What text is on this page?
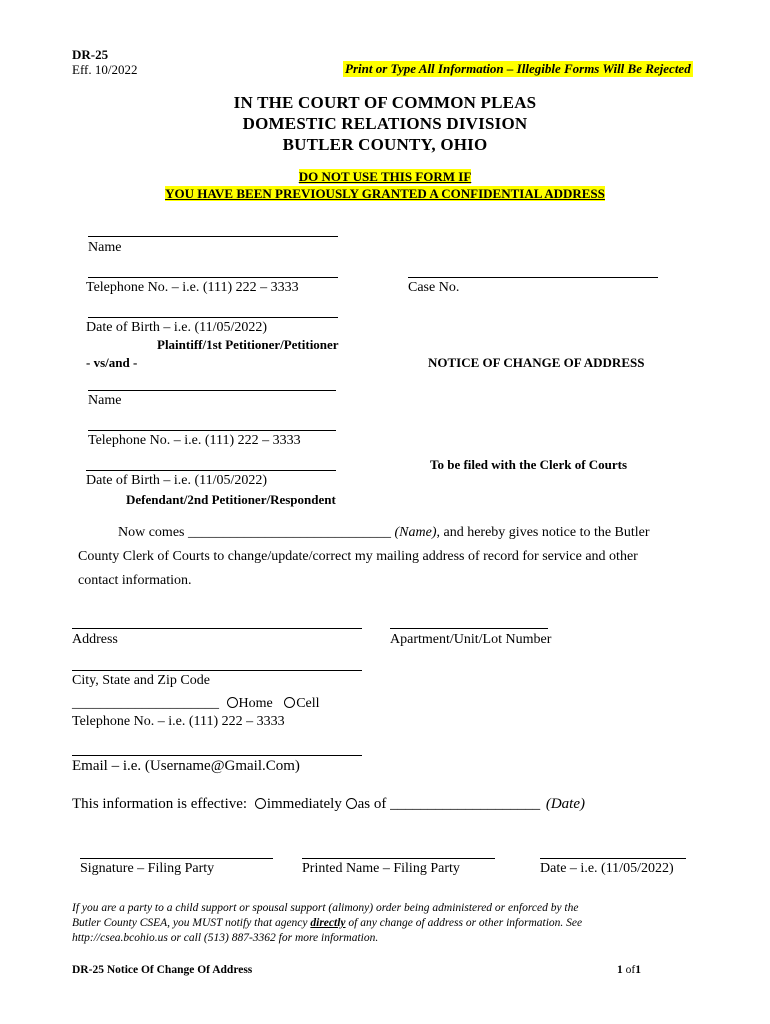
DR-25
Eff. 10/2022	Print or Type All Information – Illegible Forms Will Be Rejected
IN THE COURT OF COMMON PLEAS
DOMESTIC RELATIONS DIVISION
BUTLER COUNTY, OHIO
DO NOT USE THIS FORM IF
YOU HAVE BEEN PREVIOUSLY GRANTED A CONFIDENTIAL ADDRESS
Name
Telephone No. – i.e. (111) 222 – 3333	Case No.
Date of Birth – i.e. (11/05/2022)
Plaintiff/1st Petitioner/Petitioner
- vs/and -	NOTICE OF CHANGE OF ADDRESS
Name
Telephone No. – i.e. (111) 222 – 3333
Date of Birth – i.e. (11/05/2022)
To be filed with the Clerk of Courts
Defendant/2nd Petitioner/Respondent
Now comes _____________________________ (Name), and hereby gives notice to the Butler
County Clerk of Courts to change/update/correct my mailing address of record for service and other
contact information.
Address	Apartment/Unit/Lot Number
City, State and Zip Code
_____________________ Home Cell
Telephone No. – i.e. (111) 222 – 3333
Email – i.e. (Username@Gmail.Com)
This information is effective: immediately as of ____________________ (Date)
Signature – Filing Party	Printed Name – Filing Party	Date – i.e. (11/05/2022)
If you are a party to a child support or spousal support (alimony) order being administered or enforced by the
Butler County CSEA, you MUST notify that agency directly of any change of address or other information. See
http://csea.bcohio.us or call (513) 887-3362 for more information.
DR-25 Notice Of Change Of Address	1 of1
